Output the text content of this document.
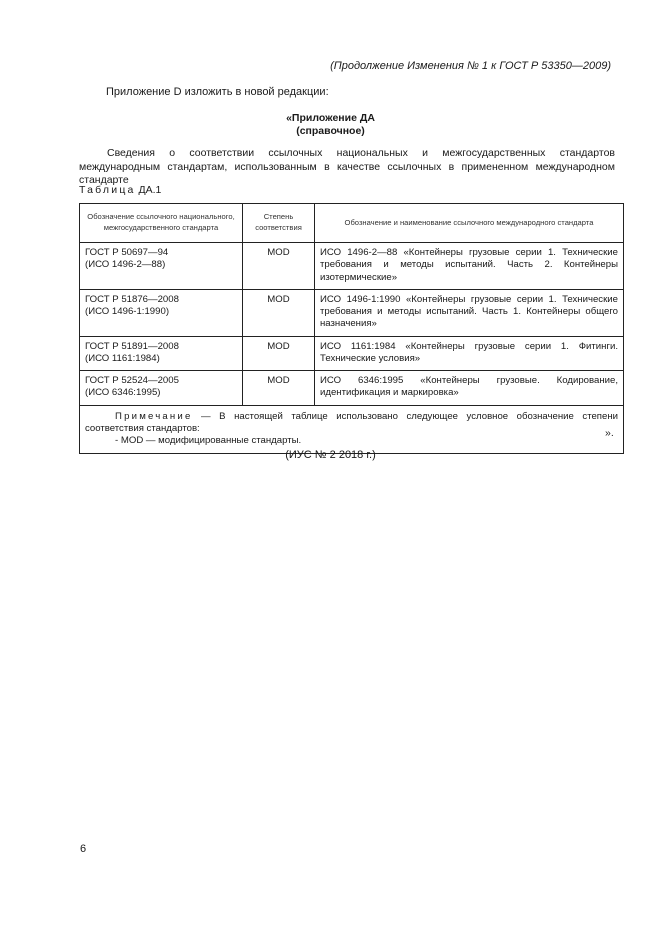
(Продолжение Изменения № 1 к ГОСТ Р 53350—2009)
Приложение D изложить в новой редакции:
«Приложение ДА
(справочное)
Сведения о соответствии ссылочных национальных и межгосударственных стандартов международным стандартам, использованным в качестве ссылочных в примененном международном стандарте
Таблица ДА.1
Обозначение ссылочного национального, межгосударственного стандарта	Степень соответствия	Обозначение и наименование ссылочного международного стандарта

ГОСТ Р 50697—94
(ИСО 1496-2—88)	MOD	ИСО 1496-2—88 «Контейнеры грузовые серии 1. Технические требования и методы испытаний. Часть 2. Контейнеры изотермические»

ГОСТ Р 51876—2008
(ИСО 1496-1:1990)	MOD	ИСО 1496-1:1990 «Контейнеры грузовые серии 1. Технические требования и методы испытаний. Часть 1. Контейнеры общего назначения»

ГОСТ Р 51891—2008
(ИСО 1161:1984)	MOD	ИСО 1161:1984 «Контейнеры грузовые серии 1. Фитинги. Технические условия»

ГОСТ Р 52524—2005
(ИСО 6346:1995)	MOD	ИСО 6346:1995 «Контейнеры грузовые. Кодирование, идентификация и маркировка»

Примечание — В настоящей таблице использовано следующее условное обозначение степени соответствия стандартов:
- MOD — модифицированные стандарты.		
».
(ИУС № 2 2018 г.)
6
